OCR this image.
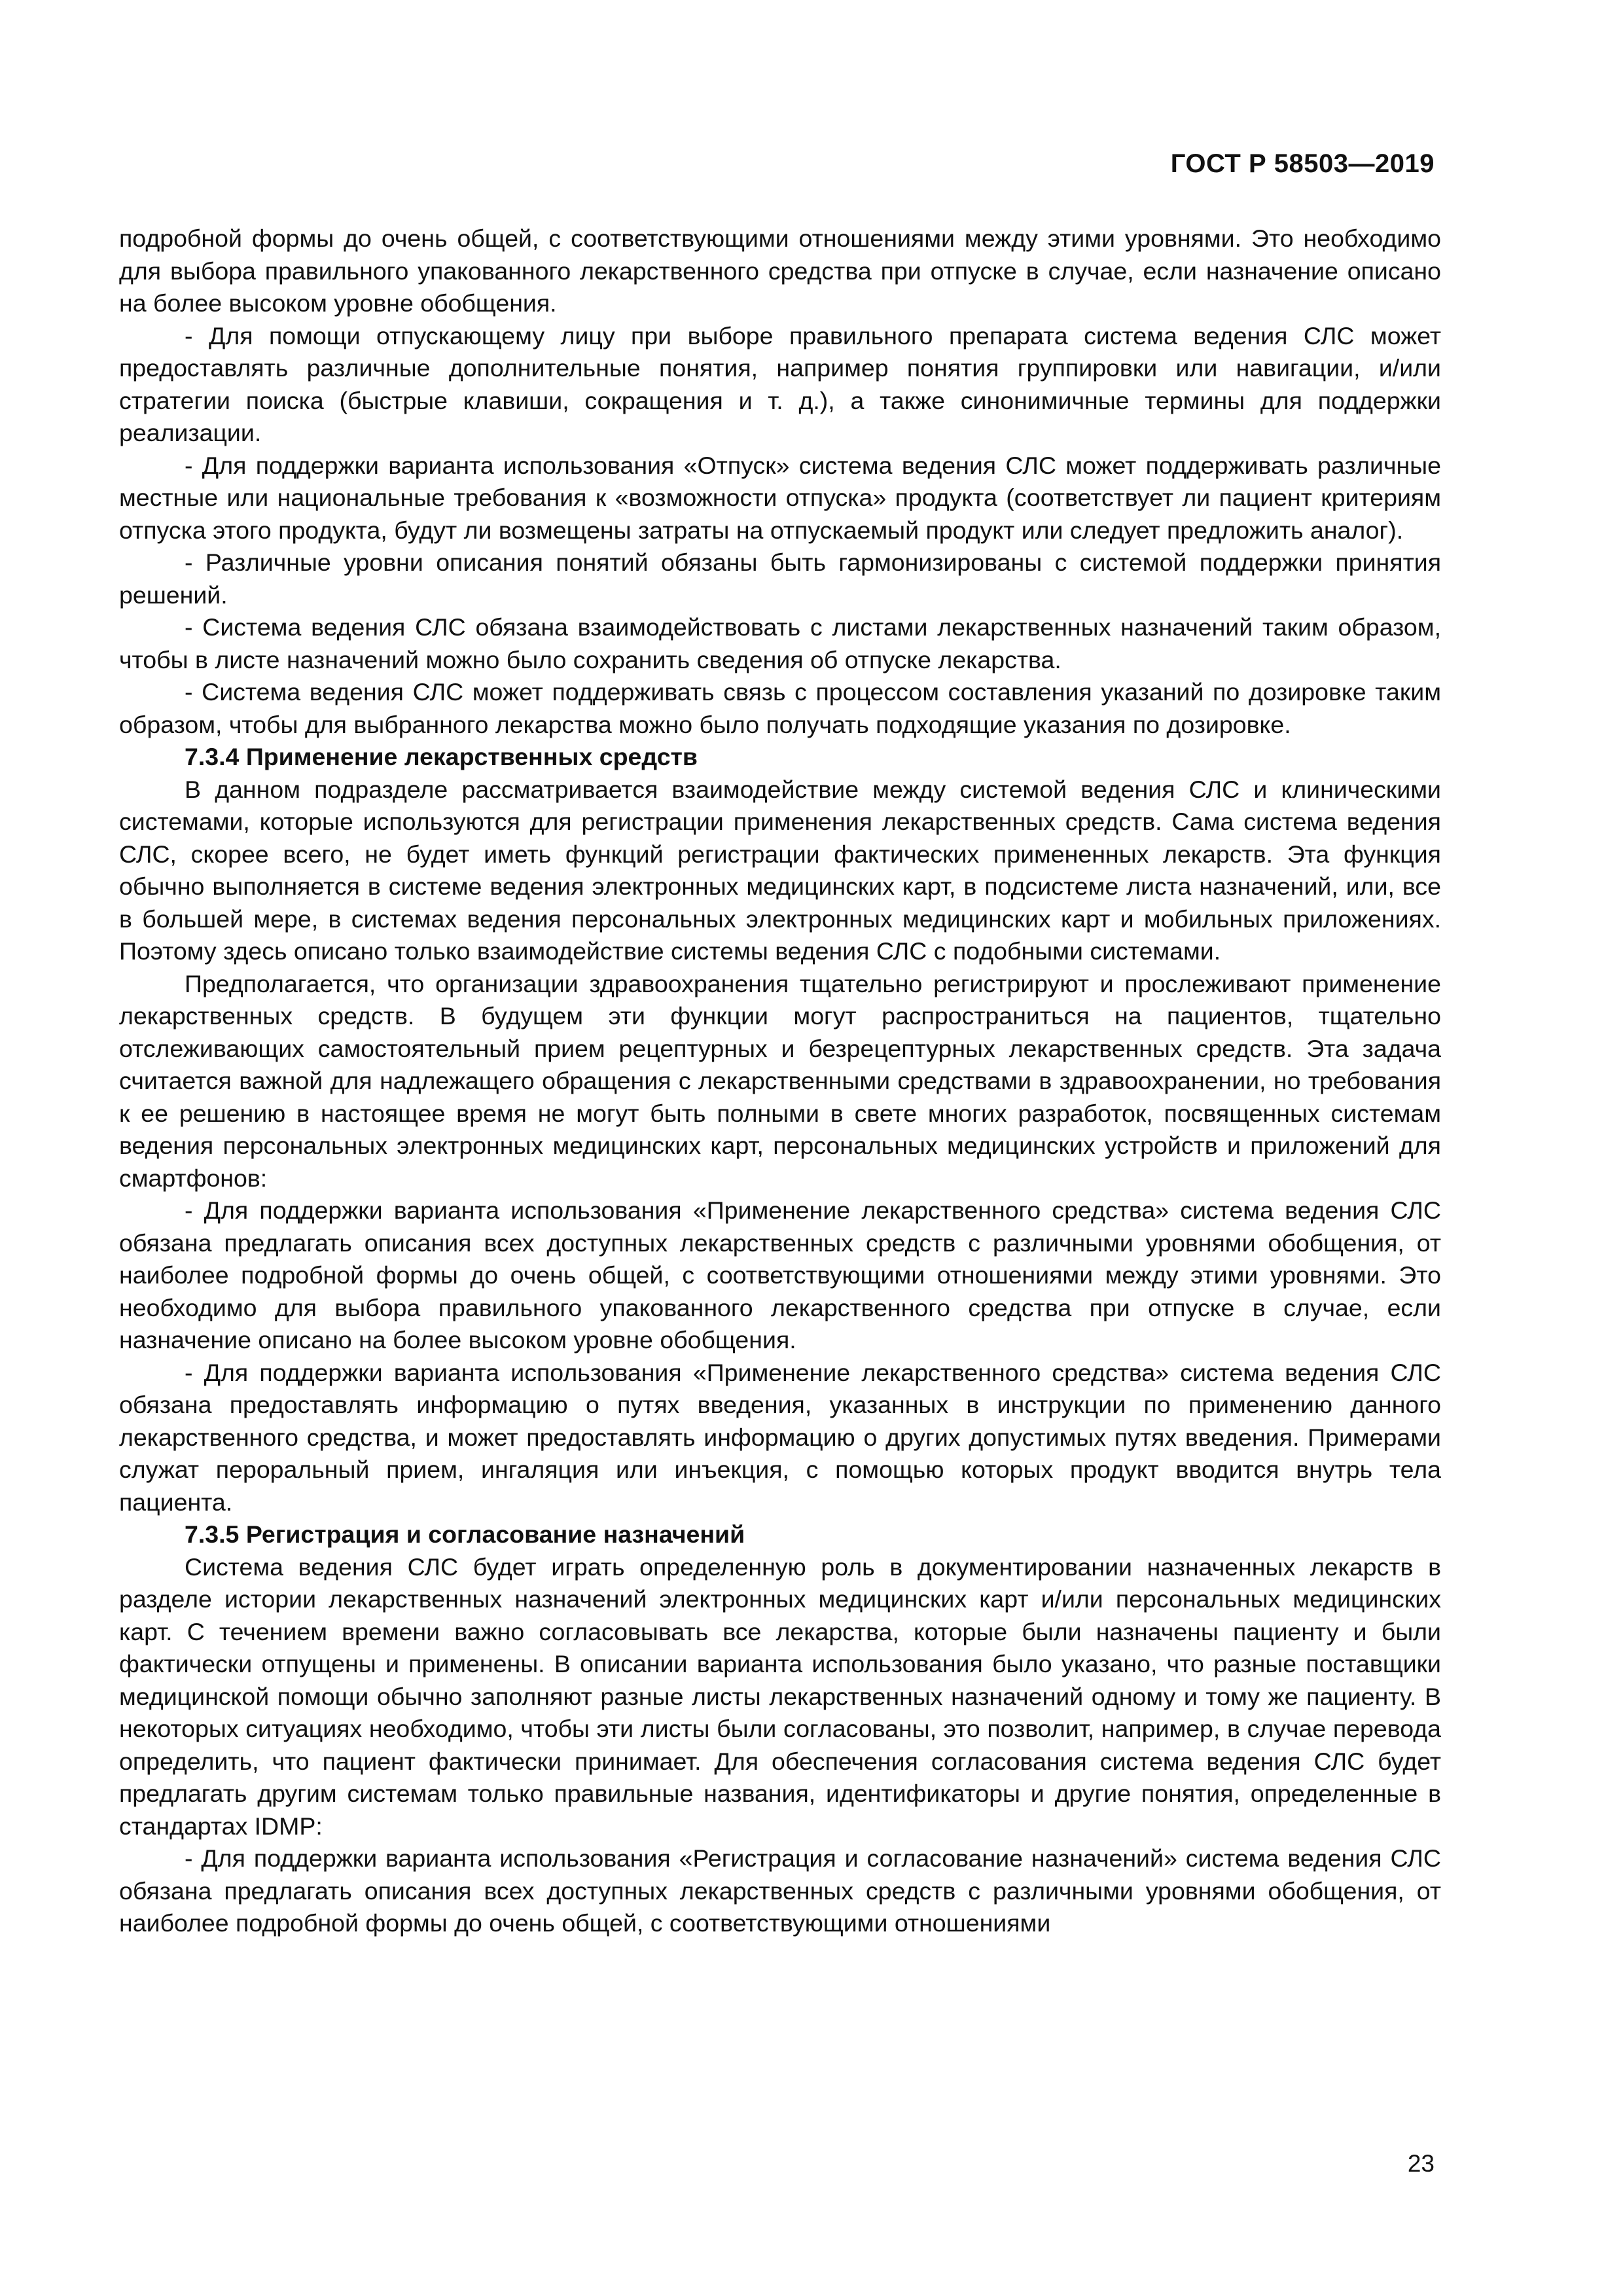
ГОСТ Р 58503—2019

подробной формы до очень общей, с соответствующими отношениями между этими уровнями. Это необходимо для выбора правильного упакованного лекарственного средства при отпуске в случае, если назначение описано на более высоком уровне обобщения.

- Для помощи отпускающему лицу при выборе правильного препарата система ведения СЛС может предоставлять различные дополнительные понятия, например понятия группировки или навигации, и/или стратегии поиска (быстрые клавиши, сокращения и т. д.), а также синонимичные термины для поддержки реализации.

- Для поддержки варианта использования «Отпуск» система ведения СЛС может поддерживать различные местные или национальные требования к «возможности отпуска» продукта (соответствует ли пациент критериям отпуска этого продукта, будут ли возмещены затраты на отпускаемый продукт или следует предложить аналог).

- Различные уровни описания понятий обязаны быть гармонизированы с системой поддержки принятия решений.

- Система ведения СЛС обязана взаимодействовать с листами лекарственных назначений таким образом, чтобы в листе назначений можно было сохранить сведения об отпуске лекарства.

- Система ведения СЛС может поддерживать связь с процессом составления указаний по дозировке таким образом, чтобы для выбранного лекарства можно было получать подходящие указания по дозировке.

7.3.4 Применение лекарственных средств

В данном подразделе рассматривается взаимодействие между системой ведения СЛС и клиническими системами, которые используются для регистрации применения лекарственных средств. Сама система ведения СЛС, скорее всего, не будет иметь функций регистрации фактических примененных лекарств. Эта функция обычно выполняется в системе ведения электронных медицинских карт, в подсистеме листа назначений, или, все в большей мере, в системах ведения персональных электронных медицинских карт и мобильных приложениях. Поэтому здесь описано только взаимодействие системы ведения СЛС с подобными системами.

Предполагается, что организации здравоохранения тщательно регистрируют и прослеживают применение лекарственных средств. В будущем эти функции могут распространиться на пациентов, тщательно отслеживающих самостоятельный прием рецептурных и безрецептурных лекарственных средств. Эта задача считается важной для надлежащего обращения с лекарственными средствами в здравоохранении, но требования к ее решению в настоящее время не могут быть полными в свете многих разработок, посвященных системам ведения персональных электронных медицинских карт, персональных медицинских устройств и приложений для смартфонов:

- Для поддержки варианта использования «Применение лекарственного средства» система ведения СЛС обязана предлагать описания всех доступных лекарственных средств с различными уровнями обобщения, от наиболее подробной формы до очень общей, с соответствующими отношениями между этими уровнями. Это необходимо для выбора правильного упакованного лекарственного средства при отпуске в случае, если назначение описано на более высоком уровне обобщения.

- Для поддержки варианта использования «Применение лекарственного средства» система ведения СЛС обязана предоставлять информацию о путях введения, указанных в инструкции по применению данного лекарственного средства, и может предоставлять информацию о других допустимых путях введения. Примерами служат пероральный прием, ингаляция или инъекция, с помощью которых продукт вводится внутрь тела пациента.

7.3.5 Регистрация и согласование назначений

Система ведения СЛС будет играть определенную роль в документировании назначенных лекарств в разделе истории лекарственных назначений электронных медицинских карт и/или персональных медицинских карт. С течением времени важно согласовывать все лекарства, которые были назначены пациенту и были фактически отпущены и применены. В описании варианта использования было указано, что разные поставщики медицинской помощи обычно заполняют разные листы лекарственных назначений одному и тому же пациенту. В некоторых ситуациях необходимо, чтобы эти листы были согласованы, это позволит, например, в случае перевода определить, что пациент фактически принимает. Для обеспечения согласования система ведения СЛС будет предлагать другим системам только правильные названия, идентификаторы и другие понятия, определенные в стандартах IDMP:

- Для поддержки варианта использования «Регистрация и согласование назначений» система ведения СЛС обязана предлагать описания всех доступных лекарственных средств с различными уровнями обобщения, от наиболее подробной формы до очень общей, с соответствующими отношениями

23
